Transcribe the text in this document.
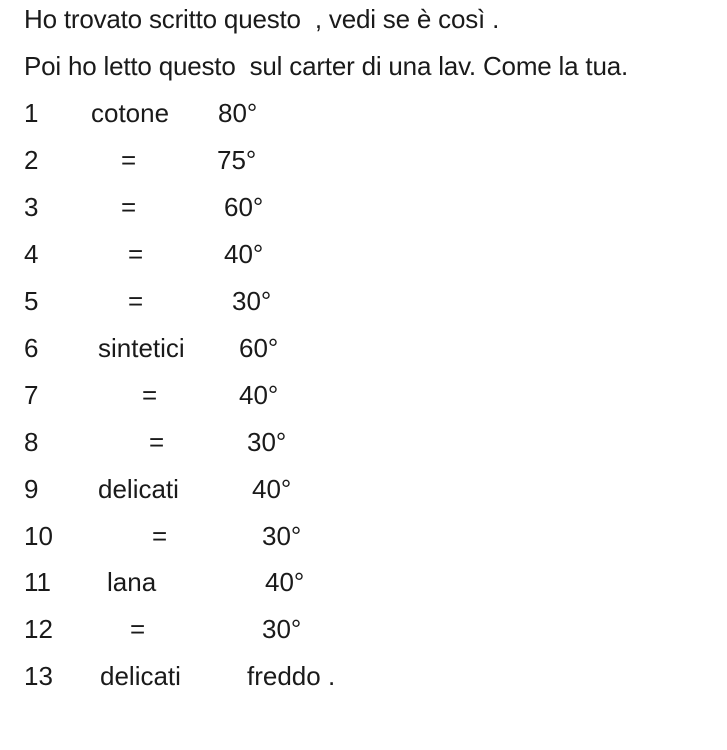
Ho trovato scritto questo  , vedi se è così .
Poi ho letto questo  sul carter di una lav. Come la tua.
1 cotone 80°
2	=	75°
3	=	60°
4	=	40°
5	=	30°
6 sintetici 60°
7	=	40°
8	=	30°
9 delicati	40°
10	=	30°
11 lana	40°
12	=	30°
13 delicati	freddo .
